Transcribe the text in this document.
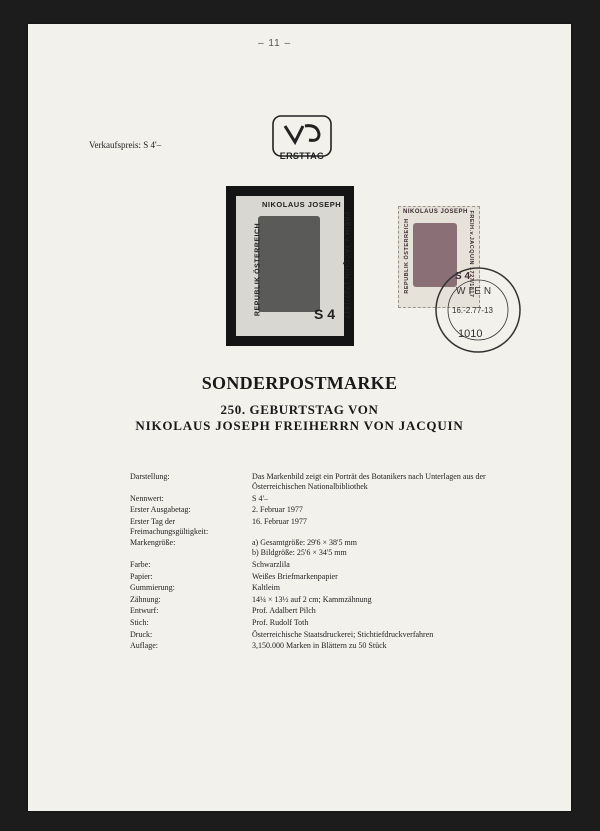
– 11 –
Verkaufspreis: S 4'–
ERSTTAG
NIKOLAUS JOSEPH
REPUBLIK ÖSTERREICH	FREIH.v.JACQUIN 1727/1817
S 4
NIKOLAUS JOSEPH
REPUBLIK ÖSTERREICH	FREIH.v.JACQUIN 1727/1817
S 4
WIEN
16.-2.77-13
1010
SONDERPOSTMARKE
250. GEBURTSTAG VON
NIKOLAUS JOSEPH FREIHERRN VON JACQUIN
Darstellung:	Das Markenbild zeigt ein Porträt des Botanikers nach Unterlagen aus der Österreichischen Nationalbibliothek
Nennwert:	S 4'–
Erster Ausgabetag:	2. Februar 1977
Erster Tag der Freimachungsgültigkeit:
16. Februar 1977
Markengröße:	a) Gesamtgröße: 29'6 × 38'5 mm
b) Bildgröße: 25'6 × 34'5 mm
Farbe:	Schwarzlila
Papier:	Weißes Briefmarkenpapier
Gummierung:	Kaltleim
Zähnung:	14¼ × 13½ auf 2 cm; Kammzähnung
Entwurf:	Prof. Adalbert Pilch
Stich:	Prof. Rudolf Toth
Druck:	Österreichische Staatsdruckerei; Stichtiefdruckverfahren
Auflage:	3,150.000 Marken in Blättern zu 50 Stück
